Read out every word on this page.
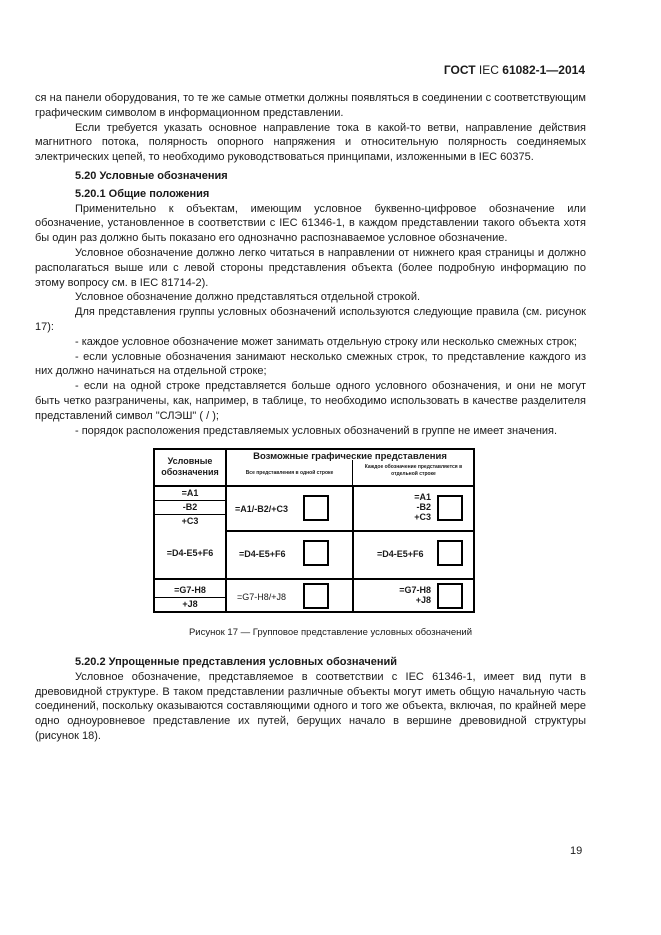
ГОСТ IEC 61082-1—2014

ся на панели оборудования, то те же самые отметки должны появляться в соединении с соответствующим графическим символом в информационном представлении.

Если требуется указать основное направление тока в какой-то ветви, направление действия магнитного потока, полярность опорного напряжения и относительную полярность соединяемых электрических цепей, то необходимо руководствоваться принципами, изложенными в IEC 60375.

5.20 Условные обозначения
5.20.1 Общие положения

Применительно к объектам, имеющим условное буквенно-цифровое обозначение или обозначение, установленное в соответствии с IEC 61346-1, в каждом представлении такого объекта хотя бы один раз должно быть показано его однозначно распознаваемое условное обозначение.

Условное обозначение должно легко читаться в направлении от нижнего края страницы и должно располагаться выше или с левой стороны представления объекта (более подробную информацию по этому вопросу см. в IEC 81714-2).

Условное обозначение должно представляться отдельной строкой.

Для представления группы условных обозначений используются следующие правила (см. рисунок 17):

- каждое условное обозначение может занимать отдельную строку или несколько смежных строк;

- если условные обозначения занимают несколько смежных строк, то представление каждого из них должно начинаться на отдельной строке;

- если на одной строке представляется больше одного условного обозначения, и они не могут быть четко разграничены, как, например, в таблице, то необходимо использовать в качестве разделителя представлений символ "СЛЭШ" ( / );

- порядок расположения представляемых условных обозначений в группе не имеет значения.

Условные обозначения
Возможные графические представления
Все представления в одной строке
Каждое обозначение представляется в отдельной строке
=A1
-B2
+C3
=D4-E5+F6
=G7-H8
+J8
=A1/-B2/+C3
=A1
-B2
+C3
=D4-E5+F6	=D4-E5+F6
=G7-H8/+J8
=G7-H8
+J8
Рисунок 17 — Групповое представление условных обозначений
5.20.2 Упрощенные представления условных обозначений

Условное обозначение, представляемое в соответствии с IEC 61346-1, имеет вид пути в древовидной структуре. В таком представлении различные объекты могут иметь общую начальную часть соединений, поскольку оказываются составляющими одного и того же объекта, включая, по крайней мере одно одноуровневое представление их путей, берущих начало в вершине древовидной структуры (рисунок 18).

19
